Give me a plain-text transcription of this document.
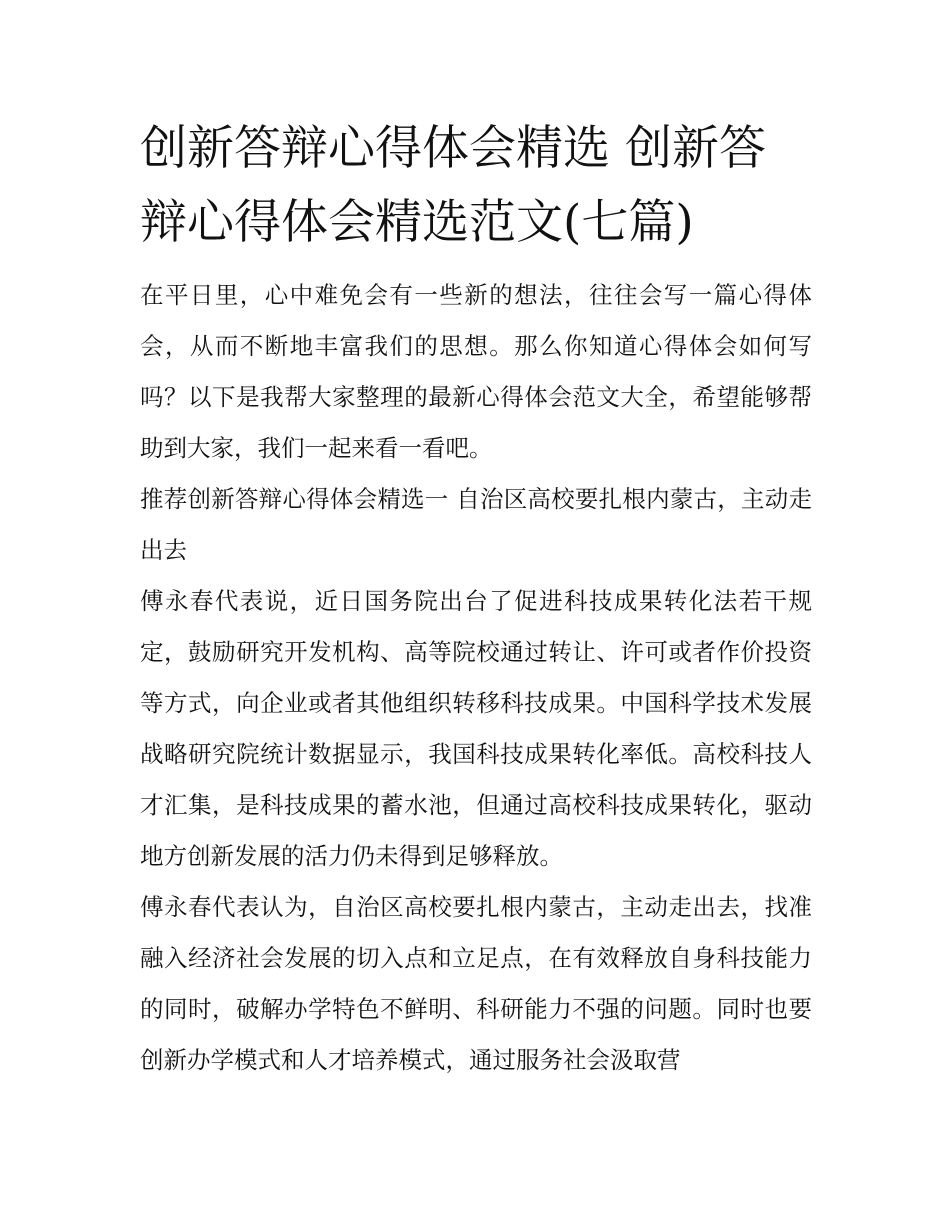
创新答辩心得体会精选 创新答辩心得体会精选范文(七篇)

在平日里，心中难免会有一些新的想法，往往会写一篇心得体会，从而不断地丰富我们的思想。那么你知道心得体会如何写吗？以下是我帮大家整理的最新心得体会范文大全，希望能够帮助到大家，我们一起来看一看吧。

推荐创新答辩心得体会精选一 自治区高校要扎根内蒙古，主动走出去

傅永春代表说，近日国务院出台了促进科技成果转化法若干规定，鼓励研究开发机构、高等院校通过转让、许可或者作价投资等方式，向企业或者其他组织转移科技成果。中国科学技术发展战略研究院统计数据显示，我国科技成果转化率低。高校科技人才汇集，是科技成果的蓄水池，但通过高校科技成果转化，驱动地方创新发展的活力仍未得到足够释放。

傅永春代表认为，自治区高校要扎根内蒙古，主动走出去，找准融入经济社会发展的切入点和立足点，在有效释放自身科技能力的同时，破解办学特色不鲜明、科研能力不强的问题。同时也要创新办学模式和人才培养模式，通过服务社会汲取营
